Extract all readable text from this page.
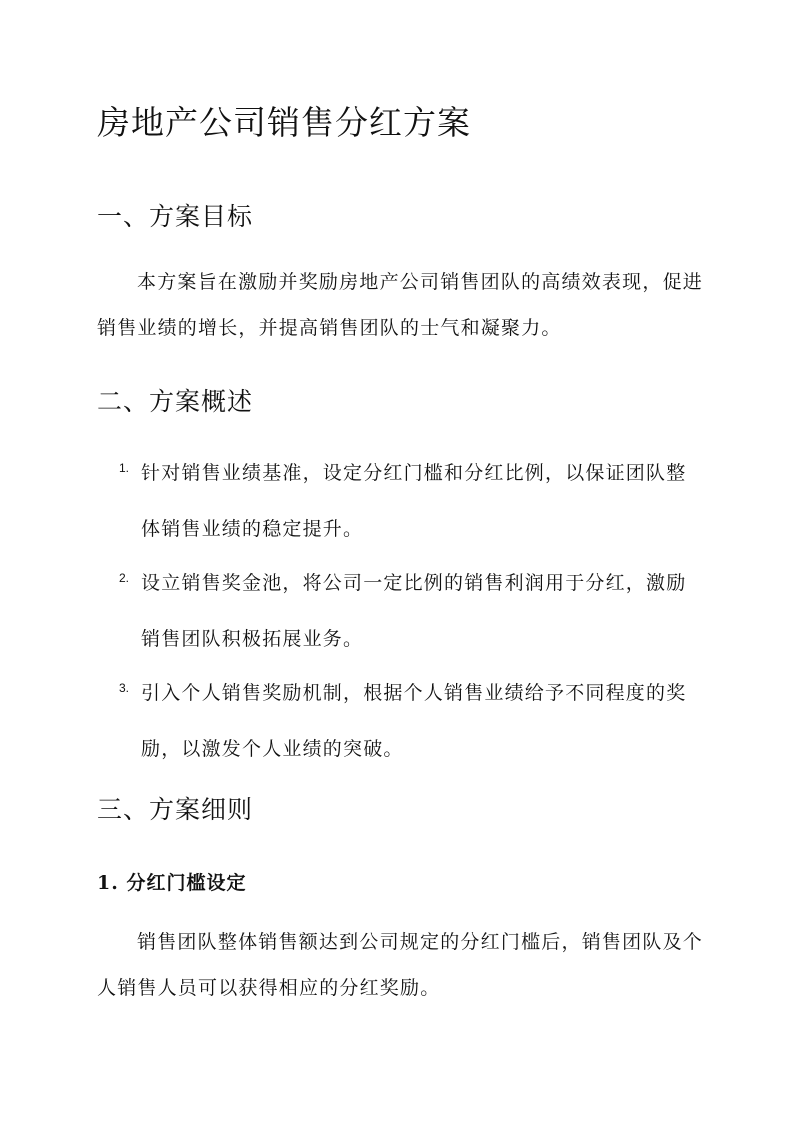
房地产公司销售分红方案
一、方案目标
本方案旨在激励并奖励房地产公司销售团队的高绩效表现，促进销售业绩的增长，并提高销售团队的士气和凝聚力。
二、方案概述
1. 针对销售业绩基准，设定分红门槛和分红比例，以保证团队整体销售业绩的稳定提升。
2. 设立销售奖金池，将公司一定比例的销售利润用于分红，激励销售团队积极拓展业务。
3. 引入个人销售奖励机制，根据个人销售业绩给予不同程度的奖励，以激发个人业绩的突破。
三、方案细则
1. 分红门槛设定
销售团队整体销售额达到公司规定的分红门槛后，销售团队及个人销售人员可以获得相应的分红奖励。
